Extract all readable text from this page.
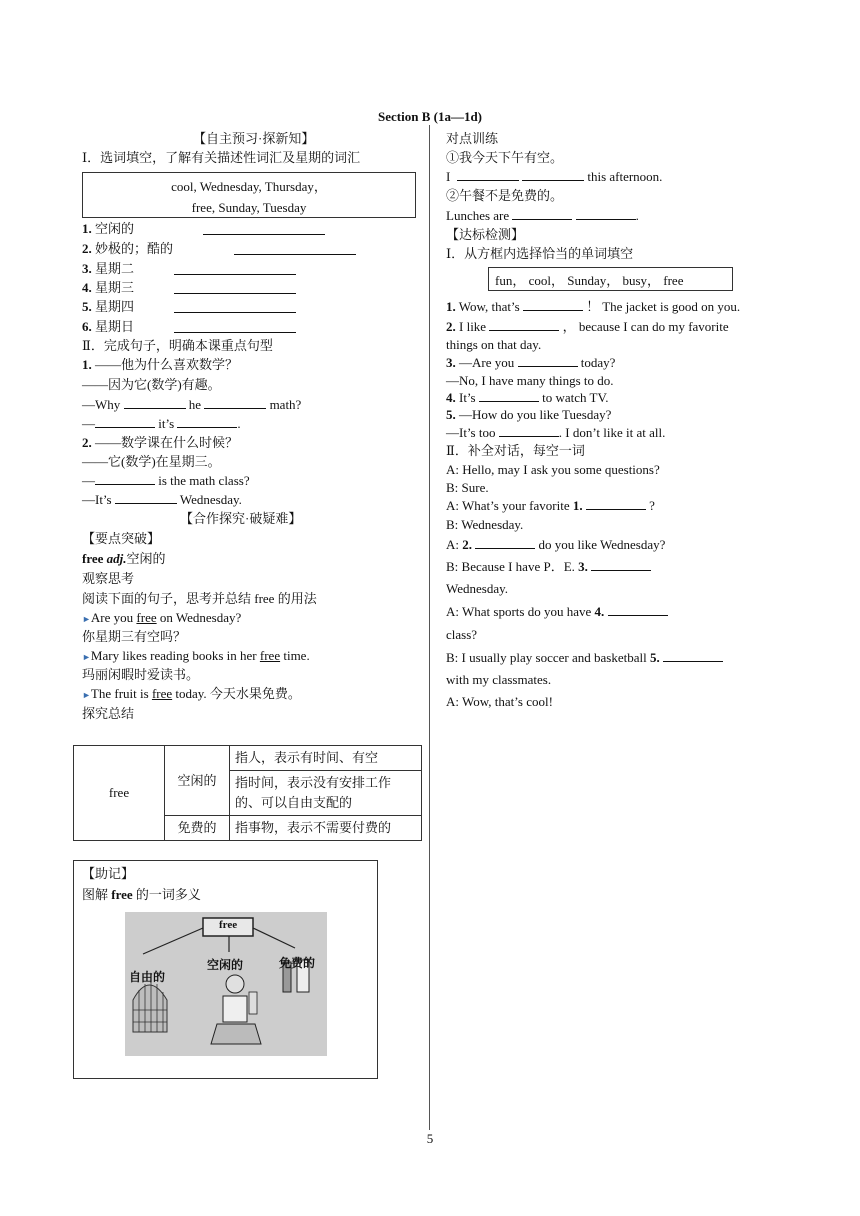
Section B (1a—1d)
【自主预习·探新知】
Ⅰ．选词填空，了解有关描述性词汇及星期的词汇
cool, Wednesday, Thursday，
free, Sunday, Tuesday
1. 空闲的
2. 妙极的；酷的
3. 星期二
4. 星期三
5. 星期四
6. 星期日
Ⅱ．完成句子，明确本课重点句型
1. ——他为什么喜欢数学？
——因为它(数学)有趣。
—Why	he	math?
—	it’s	.
2. ——数学课在什么时候？
——它(数学)在星期三。
—	is the math class?
—It’s	Wednesday.
【合作探究·破疑难】
【要点突破】
free adj.空闲的
观察思考
阅读下面的句子，思考并总结 free 的用法
►Are you free on Wednesday?
你星期三有空吗？
►Mary likes reading books in her free time.
玛丽闲暇时爱读书。
►The fruit is free today. 今天水果免费。
探究总结
free	空闲的	指人，表示有时间、有空
		指时间，表示没有安排工作
的、可以自由支配的
	免费的	指事物，表示不需要付费的
【助记】
图解 free 的一词多义
free
自由的
空闲的	免费的
对点训练
①我今天下午有空。
I	this afternoon.
②午餐不是免费的。
Lunches are	.
【达标检测】
Ⅰ．从方框内选择恰当的单词填空
fun， cool， Sunday， busy， free
1. Wow, that’s	！ The jacket is good on you.
2. I like	， because I can do my favorite
things on that day.
3. —Are you	today?
—No, I have many things to do.
4. It’s	to watch TV.
5. —How do you like Tuesday?
—It’s too	. I don’t like it at all.
Ⅱ．补全对话，每空一词
A: Hello, may I ask you some questions?
B: Sure.
A: What’s your favorite 1.	?
B: Wednesday.
A: 2.	do you like Wednesday?
B: Because I have P．E. 3.
Wednesday.
A: What sports do you have 4.
class?
B: I usually play soccer and basketball 5.
with my classmates.
A: Wow, that’s cool!
5
